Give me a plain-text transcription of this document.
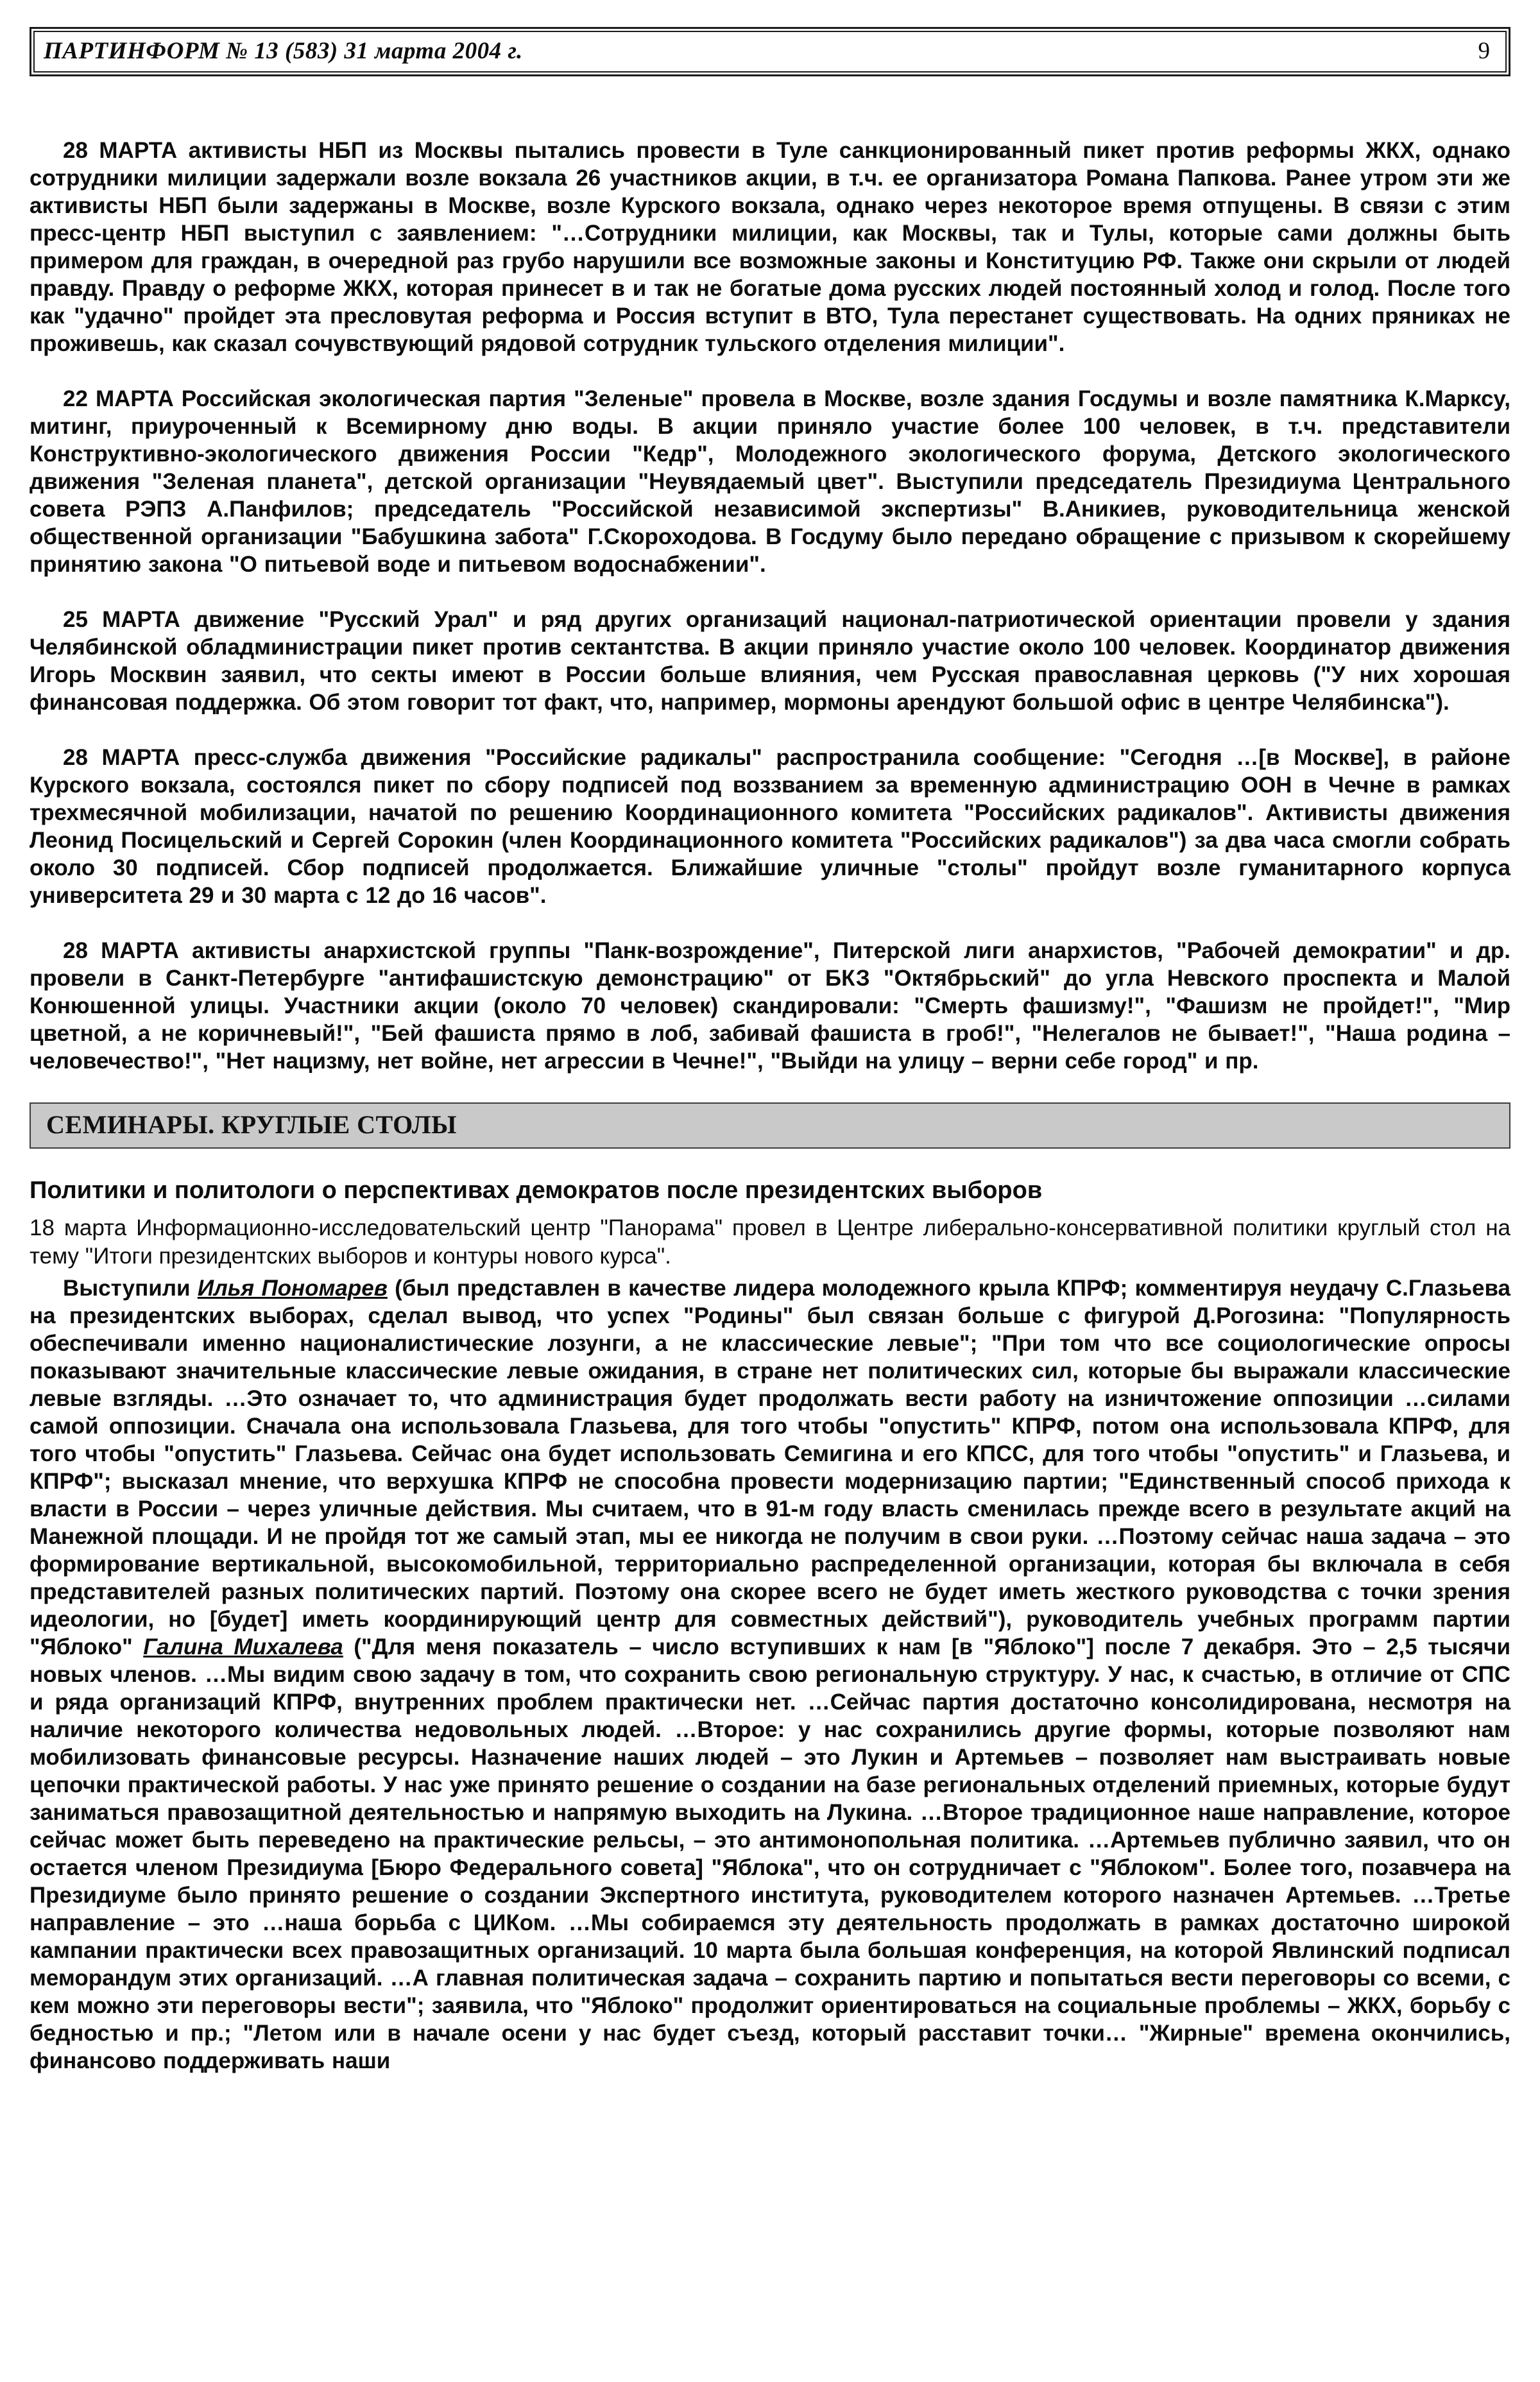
ПАРТИНФОРМ № 13 (583) 31 марта 2004 г.	9

28 МАРТА активисты НБП из Москвы пытались провести в Туле санкционированный пикет против реформы ЖКХ, однако сотрудники милиции задержали возле вокзала 26 участников акции, в т.ч. ее организатора Романа Папкова. Ранее утром эти же активисты НБП были задержаны в Москве, возле Курского вокзала, однако через некоторое время отпущены. В связи с этим пресс-центр НБП выступил с заявлением: "…Сотрудники милиции, как Москвы, так и Тулы, которые сами должны быть примером для граждан, в очередной раз грубо нарушили все возможные законы и Конституцию РФ. Также они скрыли от людей правду. Правду о реформе ЖКХ, которая принесет в и так не богатые дома русских людей постоянный холод и голод. После того как "удачно" пройдет эта пресловутая реформа и Россия вступит в ВТО, Тула перестанет существовать. На одних пряниках не проживешь, как сказал сочувствующий рядовой сотрудник тульского отделения милиции".

22 МАРТА Российская экологическая партия "Зеленые" провела в Москве, возле здания Госдумы и возле памятника К.Марксу, митинг, приуроченный к Всемирному дню воды. В акции приняло участие более 100 человек, в т.ч. представители Конструктивно-экологического движения России "Кедр", Молодежного экологического форума, Детского экологического движения "Зеленая планета", детской организации "Неувядаемый цвет". Выступили председатель Президиума Центрального совета РЭПЗ А.Панфилов; председатель "Российской независимой экспертизы" В.Аникиев, руководительница женской общественной организации "Бабушкина забота" Г.Скороходова. В Госдуму было передано обращение с призывом к скорейшему принятию закона "О питьевой воде и питьевом водоснабжении".

25 МАРТА движение "Русский Урал" и ряд других организаций национал-патриотической ориентации провели у здания Челябинской обладминистрации пикет против сектантства. В акции приняло участие около 100 человек. Координатор движения Игорь Москвин заявил, что секты имеют в России больше влияния, чем Русская православная церковь ("У них хорошая финансовая поддержка. Об этом говорит тот факт, что, например, мормоны арендуют большой офис в центре Челябинска").

28 МАРТА пресс-служба движения "Российские радикалы" распространила сообщение: "Сегодня …[в Москве], в районе Курского вокзала, состоялся пикет по сбору подписей под воззванием за временную администрацию ООН в Чечне в рамках трехмесячной мобилизации, начатой по решению Координационного комитета "Российских радикалов". Активисты движения Леонид Посицельский и Сергей Сорокин (член Координационного комитета "Российских радикалов") за два часа смогли собрать около 30 подписей. Сбор подписей продолжается. Ближайшие уличные "столы" пройдут возле гуманитарного корпуса университета 29 и 30 марта с 12 до 16 часов".

28 МАРТА активисты анархистской группы "Панк-возрождение", Питерской лиги анархистов, "Рабочей демократии" и др. провели в Санкт-Петербурге "антифашистскую демонстрацию" от БКЗ "Октябрьский" до угла Невского проспекта и Малой Конюшенной улицы. Участники акции (около 70 человек) скандировали: "Смерть фашизму!", "Фашизм не пройдет!", "Мир цветной, а не коричневый!", "Бей фашиста прямо в лоб, забивай фашиста в гроб!", "Нелегалов не бывает!", "Наша родина – человечество!", "Нет нацизму, нет войне, нет агрессии в Чечне!", "Выйди на улицу – верни себе город" и пр.

СЕМИНАРЫ. КРУГЛЫЕ СТОЛЫ
Политики и политологи о перспективах демократов после президентских выборов

18 марта Информационно-исследовательский центр "Панорама" провел в Центре либерально-консервативной политики круглый стол на тему "Итоги президентских выборов и контуры нового курса".

Выступили Илья Пономарев (был представлен в качестве лидера молодежного крыла КПРФ; комментируя неудачу С.Глазьева на президентских выборах, сделал вывод, что успех "Родины" был связан больше с фигурой Д.Рогозина: "Популярность обеспечивали именно националистические лозунги, а не классические левые"; "При том что все социологические опросы показывают значительные классические левые ожидания, в стране нет политических сил, которые бы выражали классические левые взгляды. …Это означает то, что администрация будет продолжать вести работу на изничтожение оппозиции …силами самой оппозиции. Сначала она использовала Глазьева, для того чтобы "опустить" КПРФ, потом она использовала КПРФ, для того чтобы "опустить" Глазьева. Сейчас она будет использовать Семигина и его КПСС, для того чтобы "опустить" и Глазьева, и КПРФ"; высказал мнение, что верхушка КПРФ не способна провести модернизацию партии; "Единственный способ прихода к власти в России – через уличные действия. Мы считаем, что в 91-м году власть сменилась прежде всего в результате акций на Манежной площади. И не пройдя тот же самый этап, мы ее никогда не получим в свои руки. …Поэтому сейчас наша задача – это формирование вертикальной, высокомобильной, территориально распределенной организации, которая бы включала в себя представителей разных политических партий. Поэтому она скорее всего не будет иметь жесткого руководства с точки зрения идеологии, но [будет] иметь координирующий центр для совместных действий"), руководитель учебных программ партии "Яблоко" Галина Михалева ("Для меня показатель – число вступивших к нам [в "Яблоко"] после 7 декабря. Это – 2,5 тысячи новых членов. …Мы видим свою задачу в том, что сохранить свою региональную структуру. У нас, к счастью, в отличие от СПС и ряда организаций КПРФ, внутренних проблем практически нет. …Сейчас партия достаточно консолидирована, несмотря на наличие некоторого количества недовольных людей. …Второе: у нас сохранились другие формы, которые позволяют нам мобилизовать финансовые ресурсы. Назначение наших людей – это Лукин и Артемьев – позволяет нам выстраивать новые цепочки практической работы. У нас уже принято решение о создании на базе региональных отделений приемных, которые будут заниматься правозащитной деятельностью и напрямую выходить на Лукина. …Второе традиционное наше направление, которое сейчас может быть переведено на практические рельсы, – это антимонопольная политика. …Артемьев публично заявил, что он остается членом Президиума [Бюро Федерального совета] "Яблока", что он сотрудничает с "Яблоком". Более того, позавчера на Президиуме было принято решение о создании Экспертного института, руководителем которого назначен Артемьев. …Третье направление – это …наша борьба с ЦИКом. …Мы собираемся эту деятельность продолжать в рамках достаточно широкой кампании практически всех правозащитных организаций. 10 марта была большая конференция, на которой Явлинский подписал меморандум этих организаций. …А главная политическая задача – сохранить партию и попытаться вести переговоры со всеми, с кем можно эти переговоры вести"; заявила, что "Яблоко" продолжит ориентироваться на социальные проблемы – ЖКХ, борьбу с бедностью и пр.; "Летом или в начале осени у нас будет съезд, который расставит точки… "Жирные" времена окончились, финансово поддерживать наши
